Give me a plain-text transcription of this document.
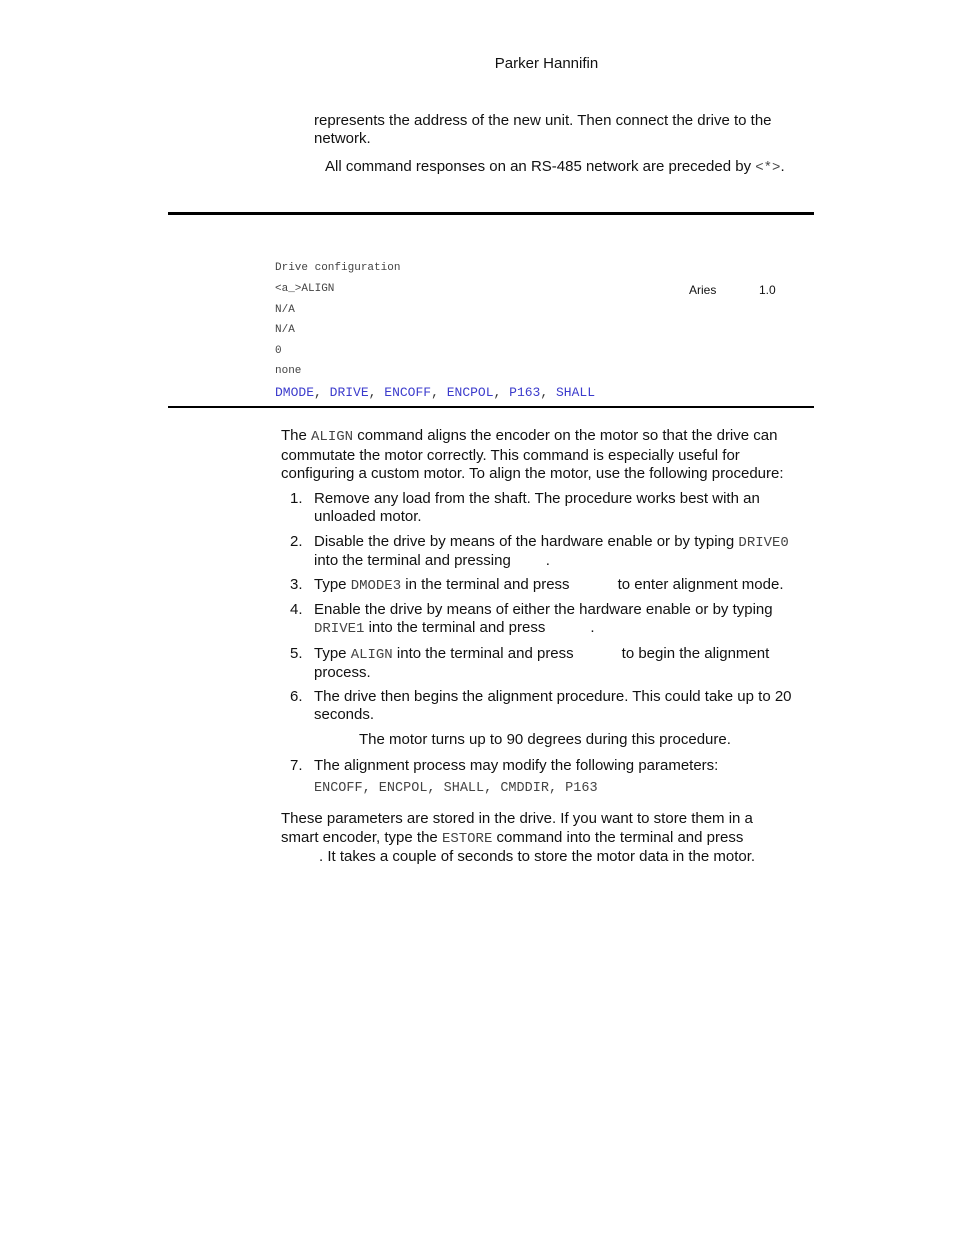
Parker Hannifin
represents the address of the new unit. Then connect the drive to the
network.
All command responses on an RS-485 network are preceded by <*>.
Drive configuration
<a_>ALIGN
N/A
N/A
0
none
Aries	1.0
DMODE, DRIVE, ENCOFF, ENCPOL, P163, SHALL
The ALIGN command aligns the encoder on the motor so that the drive can
commutate the motor correctly. This command is especially useful for
configuring a custom motor. To align the motor, use the following procedure:
1. Remove any load from the shaft. The procedure works best with an
unloaded motor.
2. Disable the drive by means of the hardware enable or by typing DRIVE0
into the terminal and pressing .
3. Type DMODE3 in the terminal and press	to enter alignment mode.
4. Enable the drive by means of either the hardware enable or by typing
DRIVE1 into the terminal and press	.
5. Type ALIGN into the terminal and press	to begin the alignment
process.
6. The drive then begins the alignment procedure. This could take up to 20
seconds.
The motor turns up to 90 degrees during this procedure.
7. The alignment process may modify the following parameters:
ENCOFF, ENCPOL, SHALL, CMDDIR, P163
These parameters are stored in the drive. If you want to store them in a
smart encoder, type the ESTORE command into the terminal and press
. It takes a couple of seconds to store the motor data in the motor.
